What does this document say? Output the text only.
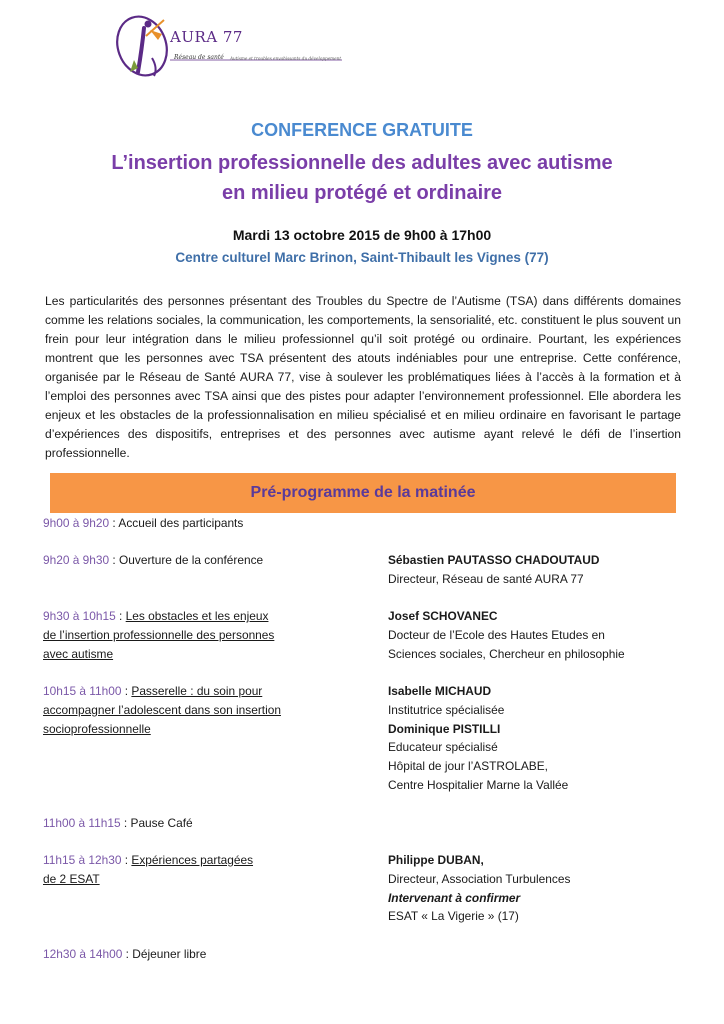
AURA 77
Réseau de santé Autisme et troubles envahissants du développement
CONFERENCE GRATUITE
L’insertion professionnelle des adultes avec autisme
en milieu protégé et ordinaire
Mardi 13 octobre 2015 de 9h00 à 17h00
Centre culturel Marc Brinon, Saint-Thibault les Vignes (77)

Les particularités des personnes présentant des Troubles du Spectre de l’Autisme (TSA) dans différents domaines comme les relations sociales, la communication, les comportements, la sensorialité, etc. constituent le plus souvent un frein pour leur intégration dans le milieu professionnel qu’il soit protégé ou ordinaire. Pourtant, les expériences montrent que les personnes avec TSA présentent des atouts indéniables pour une entreprise. Cette conférence, organisée par le Réseau de Santé AURA 77, vise à soulever les problématiques liées à l’accès à la formation et à l’emploi des personnes avec TSA ainsi que des pistes pour adapter l’environnement professionnel. Elle abordera les enjeux et les obstacles de la professionnalisation en milieu spécialisé et en milieu ordinaire en favorisant le partage d’expériences des dispositifs, entreprises et des personnes avec autisme ayant relevé le défi de l’insertion professionnelle.

Pré-programme de la matinée
9h00 à 9h20 : Accueil des participants
9h20 à 9h30 : Ouverture de la conférence	Sébastien PAUTASSO CHADOUTAUD
Directeur, Réseau de santé AURA 77
9h30 à 10h15 : Les obstacles et les enjeux
de l’insertion professionnelle des personnes
avec autisme
Josef SCHOVANEC
Docteur de l’Ecole des Hautes Etudes en
Sciences sociales, Chercheur en philosophie
10h15 à 11h00 : Passerelle : du soin pour
accompagner l’adolescent dans son insertion
socioprofessionnelle
Isabelle MICHAUD
Institutrice spécialisée
Dominique PISTILLI
Educateur spécialisé
Hôpital de jour l’ASTROLABE,
Centre Hospitalier Marne la Vallée
11h00 à 11h15 : Pause Café
11h15 à 12h30 : Expériences partagées
de 2 ESAT
Philippe DUBAN,
Directeur, Association Turbulences
Intervenant à confirmer
ESAT « La Vigerie » (17)
12h30 à 14h00 : Déjeuner libre
